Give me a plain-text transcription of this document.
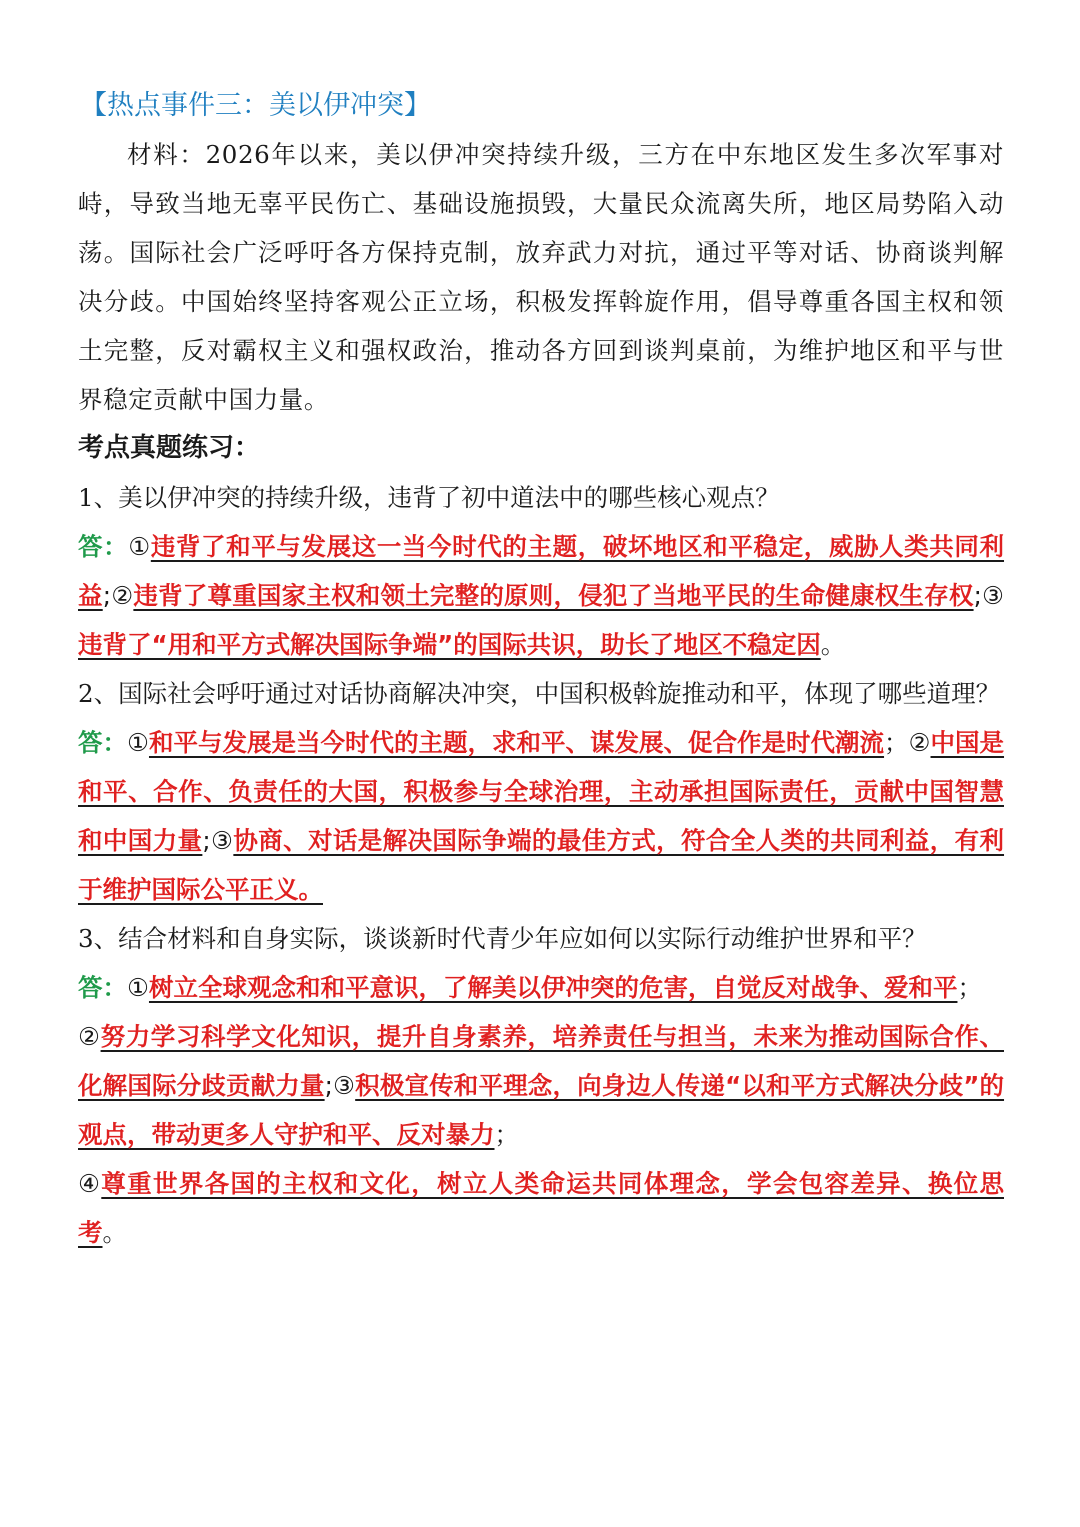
【热点事件三：美以伊冲突】

材料：2026年以来，美以伊冲突持续升级，三方在中东地区发生多次军事对峙，导致当地无辜平民伤亡、基础设施损毁，大量民众流离失所，地区局势陷入动荡。国际社会广泛呼吁各方保持克制，放弃武力对抗，通过平等对话、协商谈判解决分歧。中国始终坚持客观公正立场，积极发挥斡旋作用，倡导尊重各国主权和领土完整，反对霸权主义和强权政治，推动各方回到谈判桌前，为维护地区和平与世界稳定贡献中国力量。

考点真题练习：

1、美以伊冲突的持续升级，违背了初中道法中的哪些核心观点？

答：①违背了和平与发展这一当今时代的主题，破坏地区和平稳定，威胁人类共同利益;②违背了尊重国家主权和领土完整的原则，侵犯了当地平民的生命健康权生存权;③违背了“用和平方式解决国际争端”的国际共识，助长了地区不稳定因。

2、国际社会呼吁通过对话协商解决冲突，中国积极斡旋推动和平，体现了哪些道理？

答：①和平与发展是当今时代的主题，求和平、谋发展、促合作是时代潮流；②中国是和平、合作、负责任的大国，积极参与全球治理，主动承担国际责任，贡献中国智慧和中国力量;③协商、对话是解决国际争端的最佳方式，符合全人类的共同利益，有利于维护国际公平正义。

3、结合材料和自身实际，谈谈新时代青少年应如何以实际行动维护世界和平？

答：①树立全球观念和和平意识，了解美以伊冲突的危害，自觉反对战争、爱和平；
②努力学习科学文化知识，提升自身素养，培养责任与担当，未来为推动国际合作、化解国际分歧贡献力量;③积极宣传和平理念，向身边人传递“以和平方式解决分歧”的观点，带动更多人守护和平、反对暴力；
④尊重世界各国的主权和文化，树立人类命运共同体理念，学会包容差异、换位思考。
